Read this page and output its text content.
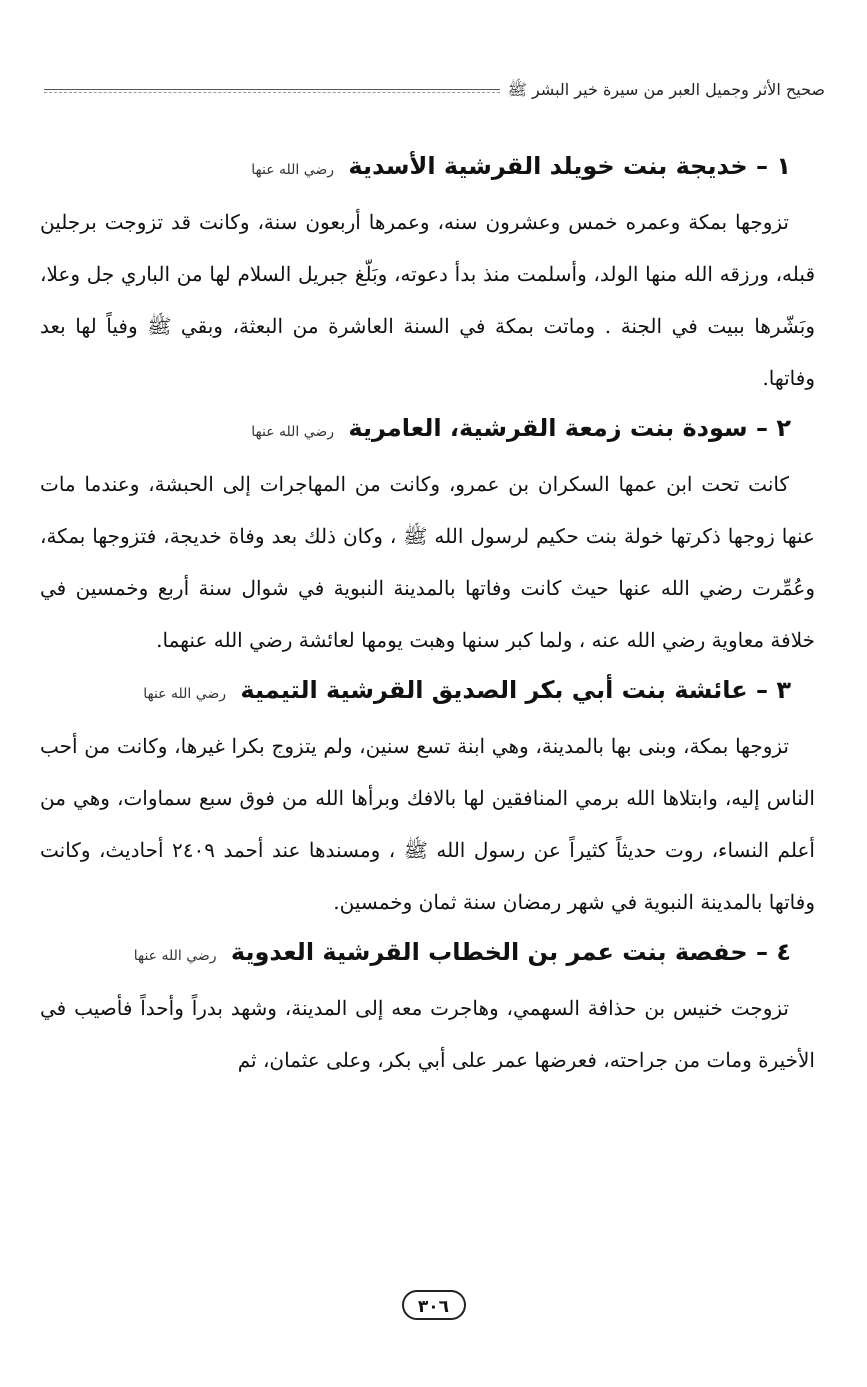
صحيح الأثر وجميل العبر من سيرة خير البشر ﷺ
١ – خديجة بنت خويلد القرشية الأسدية رضي الله عنها

تزوجها بمكة وعمره خمس وعشرون سنه، وعمرها أربعون سنة، وكانت قد تزوجت برجلين قبله، ورزقه الله منها الولد، وأسلمت منذ بدأ دعوته، وبَلّغ جبريل السلام لها من الباري جل وعلا، وبَشّرها ببيت في الجنة . وماتت بمكة في السنة العاشرة من البعثة، وبقي ﷺ وفياً لها بعد وفاتها.

٢ – سودة بنت زمعة القرشية، العامرية رضي الله عنها

كانت تحت ابن عمها السكران بن عمرو، وكانت من المهاجرات إلى الحبشة، وعندما مات عنها زوجها ذكرتها خولة بنت حكيم لرسول الله ﷺ ، وكان ذلك بعد وفاة خديجة، فتزوجها بمكة، وعُمِّرت رضي الله عنها حيث كانت وفاتها بالمدينة النبوية في شوال سنة أربع وخمسين في خلافة معاوية رضي الله عنه ، ولما كبر سنها وهبت يومها لعائشة رضي الله عنهما.

٣ – عائشة بنت أبي بكر الصديق القرشية التيمية رضي الله عنها

تزوجها بمكة، وبنى بها بالمدينة، وهي ابنة تسع سنين، ولم يتزوج بكرا غيرها، وكانت من أحب الناس إليه، وابتلاها الله برمي المنافقين لها بالافك وبرأها الله من فوق سبع سماوات، وهي من أعلم النساء، روت حديثاً كثيراً عن رسول الله ﷺ ، ومسندها عند أحمد ٢٤٠٩ أحاديث، وكانت وفاتها بالمدينة النبوية في شهر رمضان سنة ثمان وخمسين.

٤ – حفصة بنت عمر بن الخطاب القرشية العدوية رضي الله عنها

تزوجت خنيس بن حذافة السهمي، وهاجرت معه إلى المدينة، وشهد بدراً وأحداً فأصيب في الأخيرة ومات من جراحته، فعرضها عمر على أبي بكر، وعلى عثمان، ثم

٣٠٦
